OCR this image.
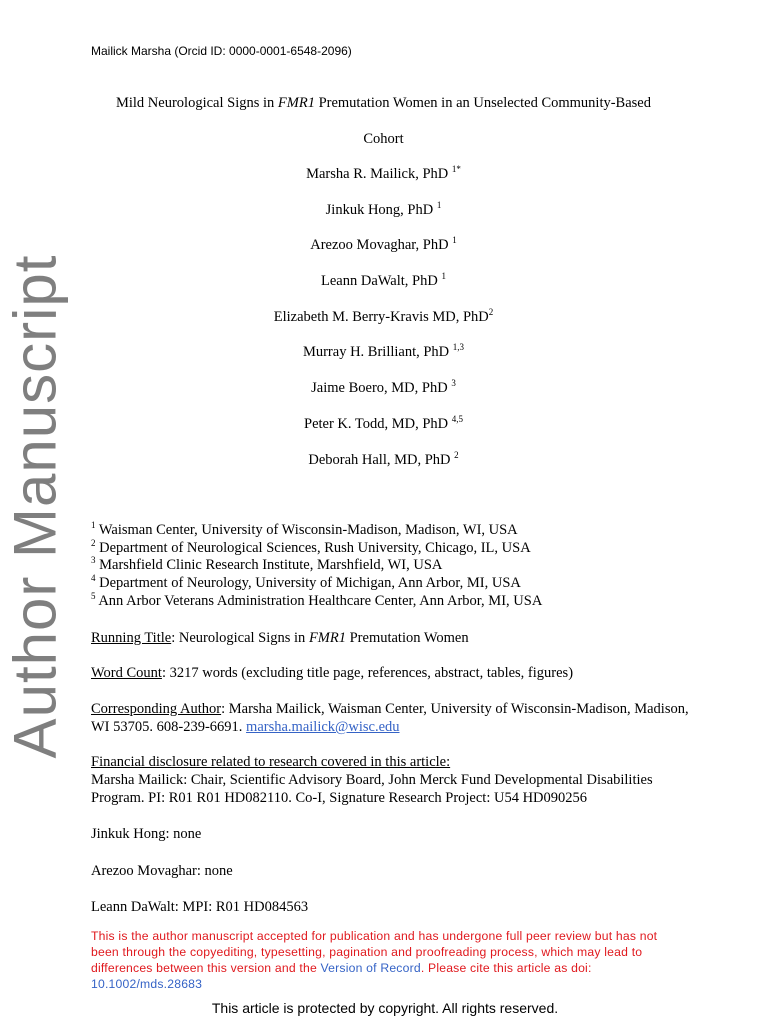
Author Manuscript
Mailick Marsha (Orcid ID: 0000-0001-6548-2096)
Mild Neurological Signs in FMR1 Premutation Women in an Unselected Community-Based
Cohort
Marsha R. Mailick, PhD $^{1*}$
Jinkuk Hong, PhD $^1$
Arezoo Movaghar, PhD $^1$
Leann DaWalt, PhD $^1$
Elizabeth M. Berry-Kravis MD, PhD$^2$
Murray H. Brilliant, PhD $^{1,3}$
Jaime Boero, MD, PhD $^3$
Peter K. Todd, MD, PhD $^{4,5}$
Deborah Hall, MD, PhD $^2$
$^1$ Waisman Center, University of Wisconsin-Madison, Madison, WI, USA
$^2$ Department of Neurological Sciences, Rush University, Chicago, IL, USA
$^3$ Marshfield Clinic Research Institute, Marshfield, WI, USA
$^4$ Department of Neurology, University of Michigan, Ann Arbor, MI, USA
$^5$ Ann Arbor Veterans Administration Healthcare Center, Ann Arbor, MI, USA
Running Title: Neurological Signs in FMR1 Premutation Women
Word Count: 3217 words (excluding title page, references, abstract, tables, figures)
Corresponding Author: Marsha Mailick, Waisman Center, University of Wisconsin-Madison, Madison, WI 53705. 608-239-6691. marsha.mailick@wisc.edu
Financial disclosure related to research covered in this article:
Marsha Mailick: Chair, Scientific Advisory Board, John Merck Fund Developmental Disabilities Program. PI: R01 R01 HD082110. Co-I, Signature Research Project: U54 HD090256
Jinkuk Hong: none
Arezoo Movaghar: none
Leann DaWalt: MPI: R01 HD084563
This is the author manuscript accepted for publication and has undergone full peer review but has not been through the copyediting, typesetting, pagination and proofreading process, which may lead to differences between this version and the Version of Record. Please cite this article as doi:
10.1002/mds.28683
This article is protected by copyright. All rights reserved.
